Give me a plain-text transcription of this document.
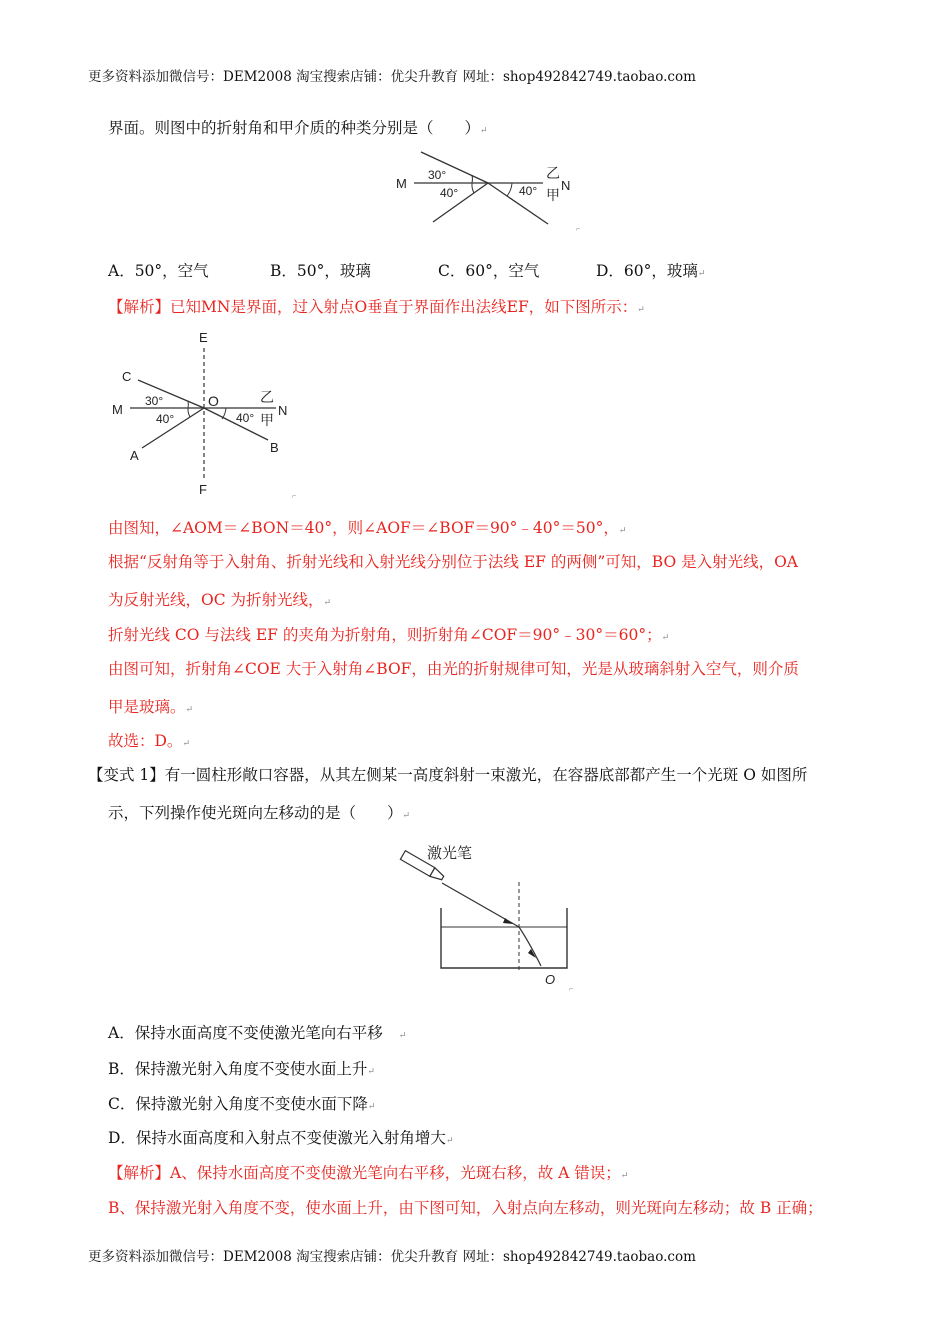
更多资料添加微信号：DEM2008 淘宝搜索店铺：优尖升教育 网址：shop492842749.taobao.com
界面。则图中的折射角和甲介质的种类分别是（　　）↵
M
30°
40°	40°
乙
N
甲
⌐
A．50°，空气	B．50°，玻璃	C．60°，空气	D．60°，玻璃↵
【解析】已知MN是界面，过入射点O垂直于界面作出法线EF，如下图所示：↵
E
C
M
30°	O	乙
N
40°	40° 甲
A
B
F	⌐
由图知，∠AOM＝∠BON＝40°，则∠AOF＝∠BOF＝90°﹣40°＝50°，↵
根据“反射角等于入射角、折射光线和入射光线分别位于法线 EF 的两侧”可知，BO 是入射光线，OA
为反射光线，OC 为折射光线，↵
折射光线 CO 与法线 EF 的夹角为折射角，则折射角∠COF＝90°﹣30°＝60°；↵
由图可知，折射角∠COE 大于入射角∠BOF，由光的折射规律可知，光是从玻璃斜射入空气，则介质
甲是玻璃。↵
故选：D。↵
【变式 1】有一圆柱形敞口容器，从其左侧某一高度斜射一束激光，在容器底部都产生一个光斑 O 如图所
示，下列操作使光斑向左移动的是（　　）↵
激光笔
O
⌐
A．保持水面高度不变使激光笔向右平移 ↵
B．保持激光射入角度不变使水面上升↵
C．保持激光射入角度不变使水面下降↵
D．保持水面高度和入射点不变使激光入射角增大↵
【解析】A、保持水面高度不变使激光笔向右平移，光斑右移，故 A 错误；↵
B、保持激光射入角度不变，使水面上升，由下图可知，入射点向左移动，则光斑向左移动；故 B 正确；
更多资料添加微信号：DEM2008 淘宝搜索店铺：优尖升教育 网址：shop492842749.taobao.com
